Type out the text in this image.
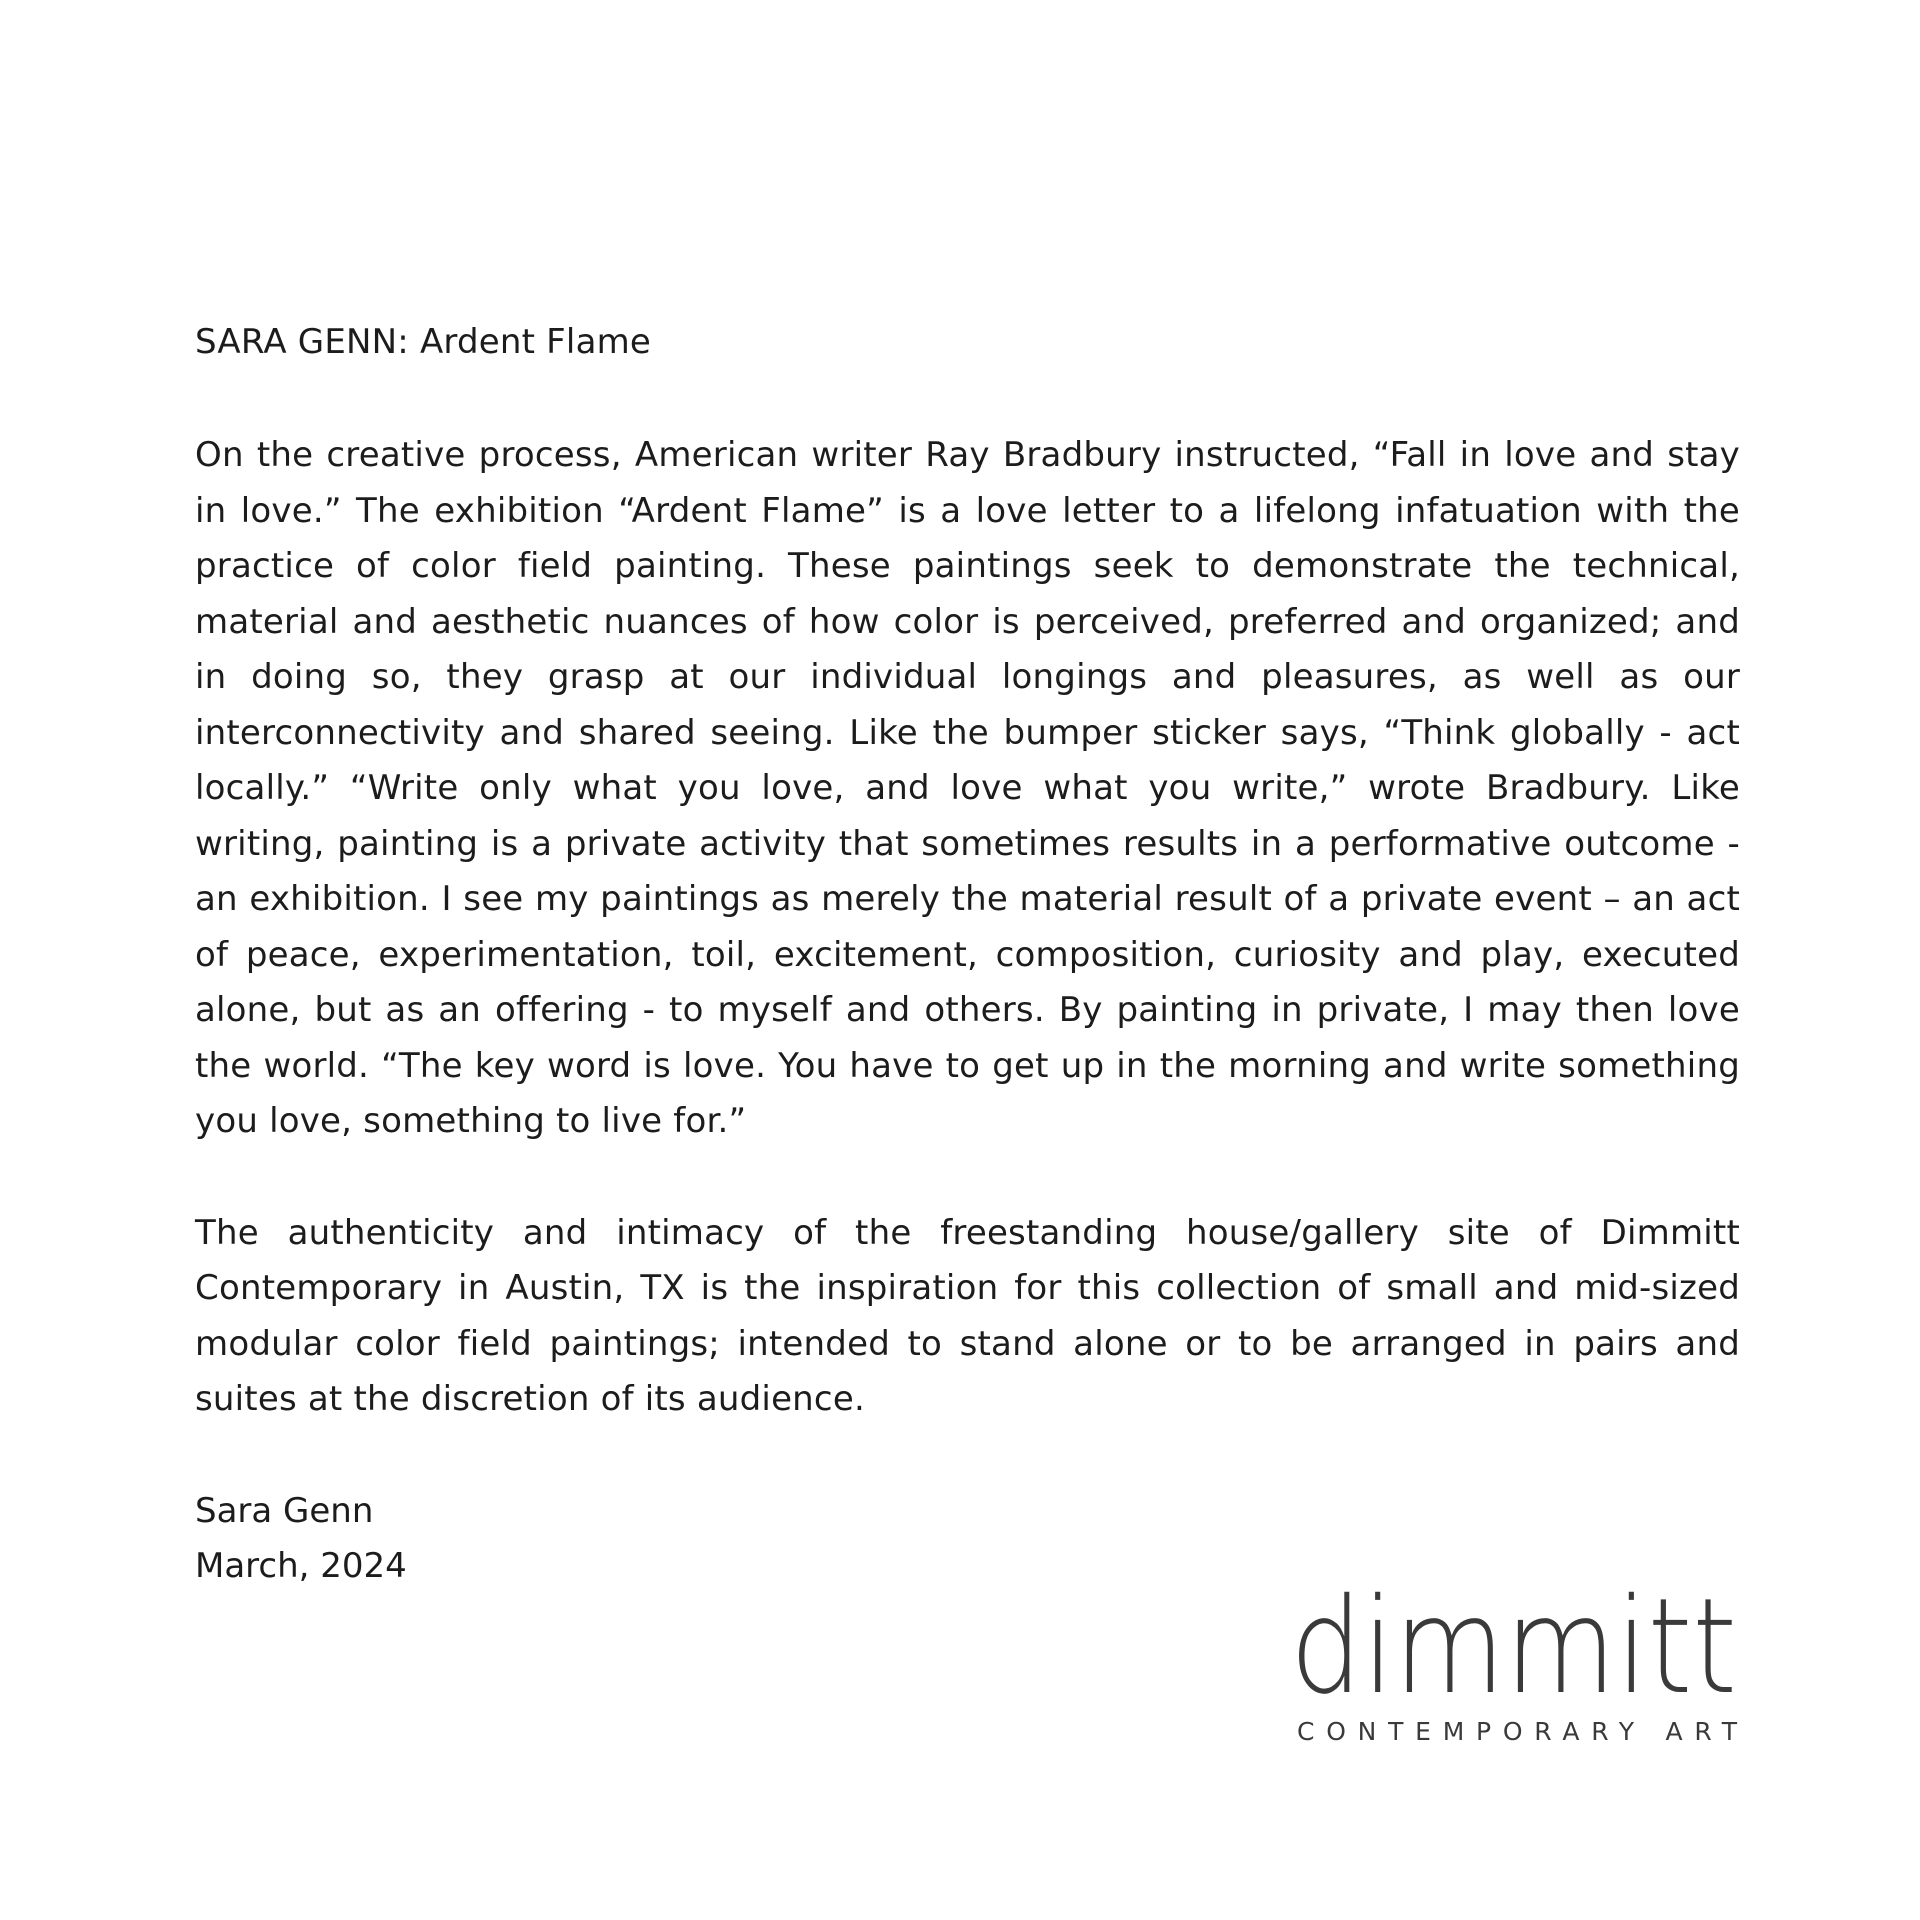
SARA GENN: Ardent Flame

On the creative process, American writer Ray Bradbury instructed, “Fall in love and stay in love.” The exhibition “Ardent Flame” is a love letter to a lifelong infatuation with the practice of color field painting. These paintings seek to demonstrate the technical, material and aesthetic nuances of how color is perceived, preferred and organized; and in doing so, they grasp at our individual longings and pleasures, as well as our interconnectivity and shared seeing. Like the bumper sticker says, “Think globally - act locally.” “Write only what you love, and love what you write,” wrote Bradbury. Like writing, painting is a private activity that sometimes results in a performative outcome - an exhibition. I see my paintings as merely the material result of a private event – an act of peace, experimentation, toil, excitement, composition, curiosity and play, executed alone, but as an offering - to myself and others. By painting in private, I may then love the world. “The key word is love. You have to get up in the morning and write something you love, something to live for.”

The authenticity and intimacy of the freestanding house/gallery site of Dimmitt Contemporary in Austin, TX is the inspiration for this collection of small and mid-sized modular color field paintings; intended to stand alone or to be arranged in pairs and suites at the discretion of its audience.

Sara Genn
March, 2024
dimmitt
CONTEMPORARY ART
